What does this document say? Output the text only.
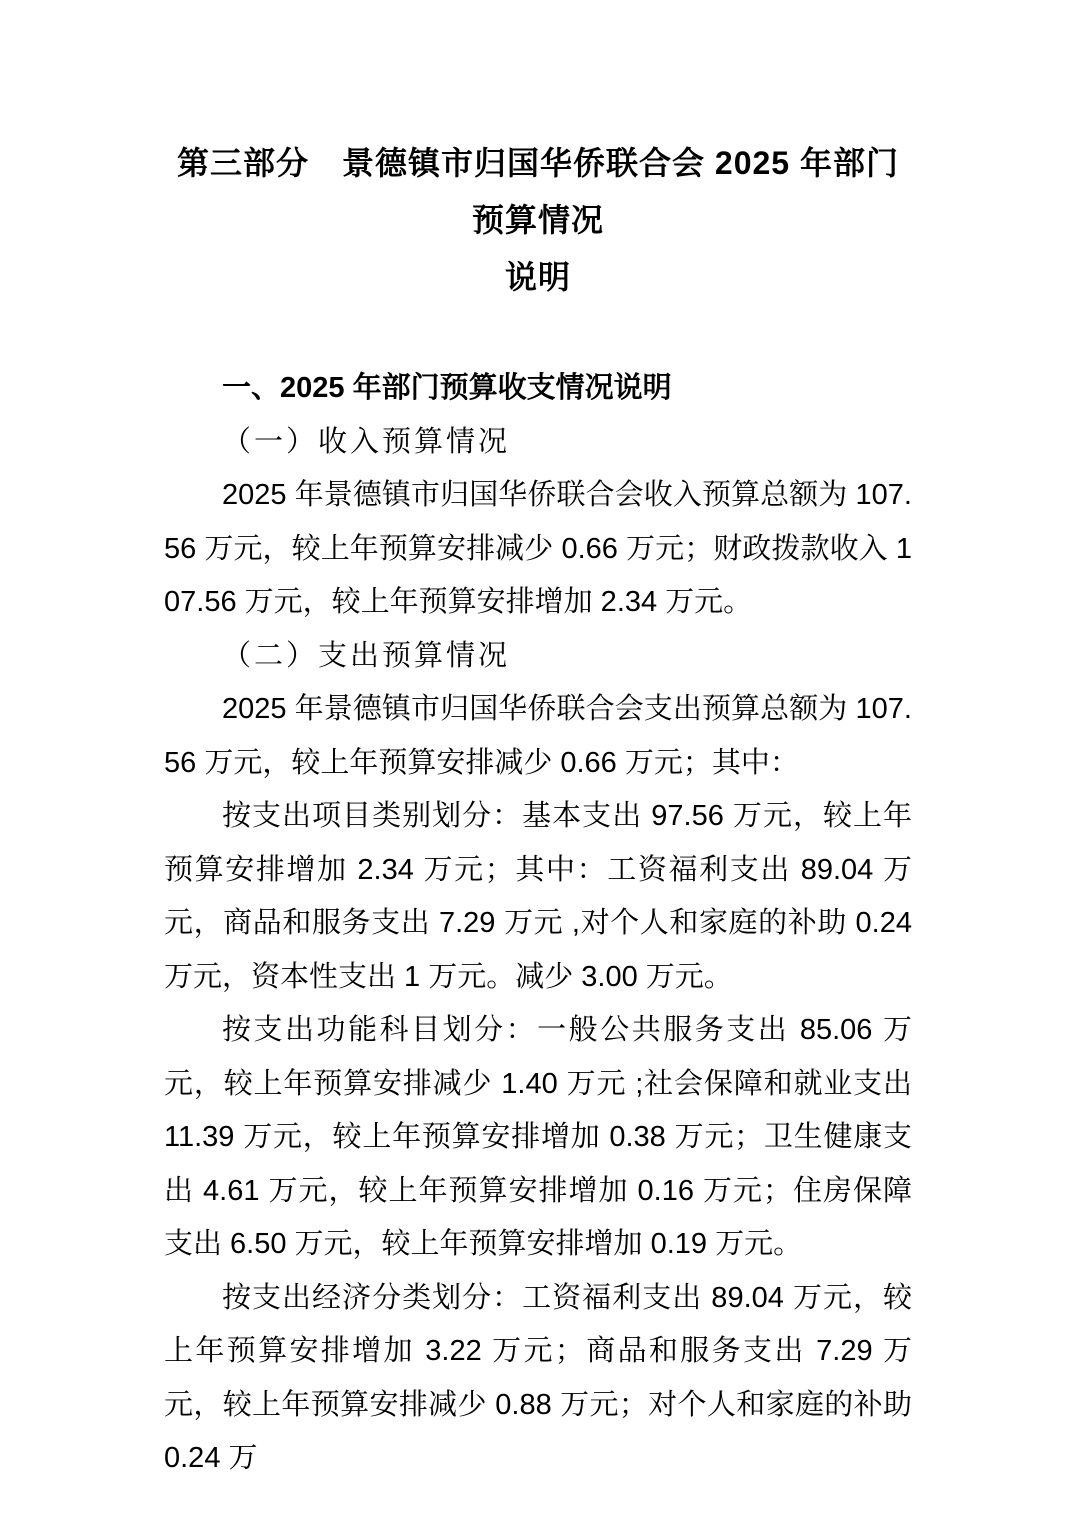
第三部分　景德镇市归国华侨联合会 2025 年部门预算情况
说明

一、2025 年部门预算收支情况说明

（一）收入预算情况

2025 年景德镇市归国华侨联合会收入预算总额为 107.56 万元，较上年预算安排减少 0.66 万元；财政拨款收入 107.56 万元，较上年预算安排增加 2.34 万元。

（二）支出预算情况

2025 年景德镇市归国华侨联合会支出预算总额为 107.56 万元，较上年预算安排减少 0.66 万元；其中：

按支出项目类别划分：基本支出 97.56 万元，较上年预算安排增加 2.34 万元；其中：工资福利支出 89.04 万元，商品和服务支出 7.29 万元 ,对个人和家庭的补助 0.24 万元，资本性支出 1 万元。减少 3.00 万元。

按支出功能科目划分：一般公共服务支出 85.06 万元，较上年预算安排减少 1.40 万元 ;社会保障和就业支出 11.39 万元，较上年预算安排增加 0.38 万元；卫生健康支出 4.61 万元，较上年预算安排增加 0.16 万元；住房保障支出 6.50 万元，较上年预算安排增加 0.19 万元。

按支出经济分类划分：工资福利支出 89.04 万元，较上年预算安排增加 3.22 万元；商品和服务支出 7.29 万元，较上年预算安排减少 0.88 万元；对个人和家庭的补助 0.24 万
